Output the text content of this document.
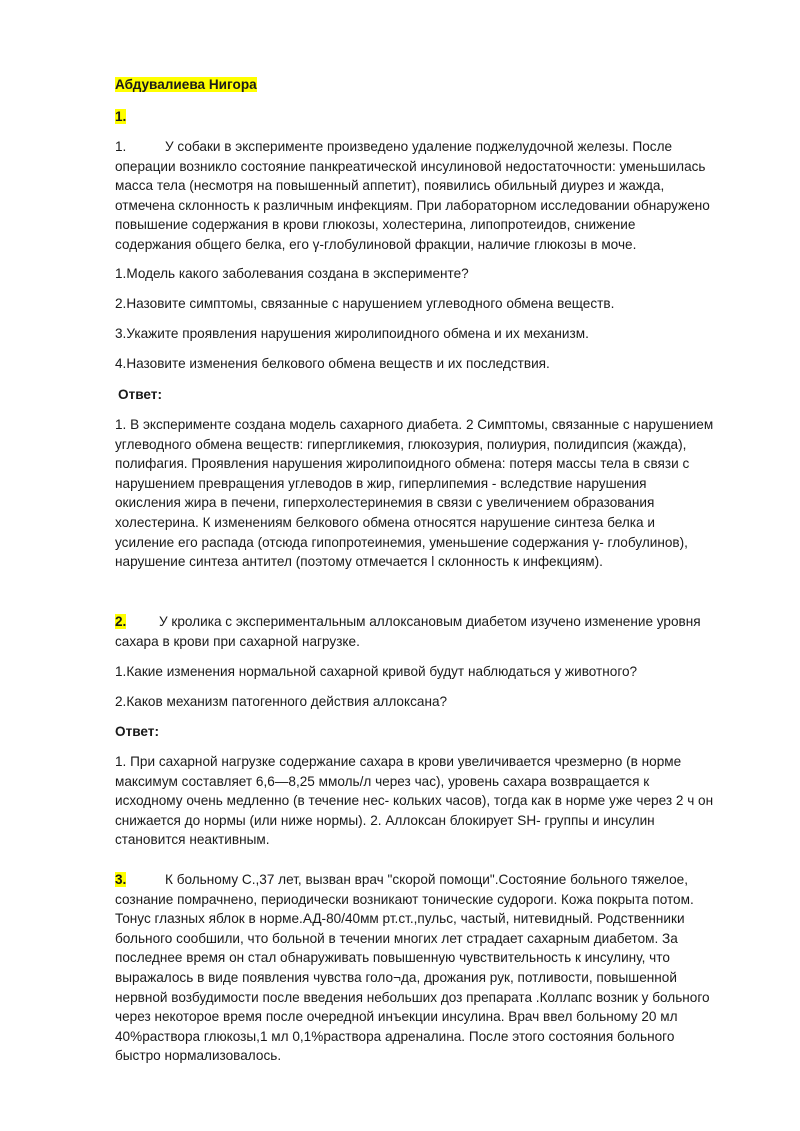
Абдувалиева Нигора

1.

1.	У собаки в эксперименте произведено удаление поджелудочной железы. После операции возникло состояние панкреатической инсулиновой недостаточности: уменьшилась масса тела (несмотря на повышенный аппетит), появились обильный диурез и жажда, отмечена склонность к различным инфекциям. При лабораторном исследовании обнаружено повышение содержания в крови глюкозы, холестерина, липопротеидов, снижение содержания общего белка, его γ-глобулиновой фракции, наличие глюкозы в моче.

1.Модель какого заболевания создана в эксперименте?

2.Назовите симптомы, связанные с нарушением углеводного обмена веществ.

3.Укажите проявления нарушения жиролипоидного обмена и их механизм.

4.Назовите изменения белкового обмена веществ и их последствия.

Ответ:

1. В эксперименте создана модель сахарного диабета. 2 Симптомы, связанные с нарушением углеводного обмена веществ: гипергликемия, глюкозурия, полиурия, полидипсия (жажда), полифагия. Проявления нарушения жиролипоидного обмена: потеря массы тела в связи с нарушением превращения углеводов в жир, гиперлипемия - вследствие нарушения окисления жира в печени, гиперхолестеринемия в связи с увеличением образования холестерина. К изменениям белкового обмена относятся нарушение синтеза белка и усиление его распада (отсюда гипопротеинемия, уменьшение содержания γ- глобулинов), нарушение синтеза антител (поэтому отмечается l склонность к инфекциям).

2. У кролика с экспериментальным аллоксановым диабетом изучено изменение уровня сахара в крови при сахарной нагрузке.

1.Какие изменения нормальной сахарной кривой будут наблюдаться у животного?

2.Каков механизм патогенного действия аллоксана?

Ответ:

1. При сахарной нагрузке содержание сахара в крови увеличивается чрезмерно (в норме максимум составляет 6,6—8,25 ммоль/л через час), уровень сахара возвращается к исходному очень медленно (в течение нес- кольких часов), тогда как в норме уже через 2 ч он снижается до нормы (или ниже нормы). 2. Аллоксан блокирует SH- группы и инсулин становится неактивным.

3.	К больному С.,37 лет, вызван врач "скорой помощи".Состояние больного тяжелое, сознание помрачнено, периодически возникают тонические судороги. Кожа покрыта потом. Тонус глазных яблок в норме.АД-80/40мм рт.ст.,пульс, частый, нитевидный. Родственники больного сообшили, что больной в течении многих лет страдает сахарным диабетом. За последнее время он стал обнаруживать повышенную чувствительность к инсулину, что выражалось в виде появления чувства голо¬да, дрожания рук, потливости, повышенной нервной возбудимости после введения небольших доз препарата .Коллапс возник у больного через некоторое время после очередной инъекции инсулина. Врач ввел больному 20 мл 40%раствора глюкозы,1 мл 0,1%раствора адреналина. После этого состояния больного быстро нормализовалось.
